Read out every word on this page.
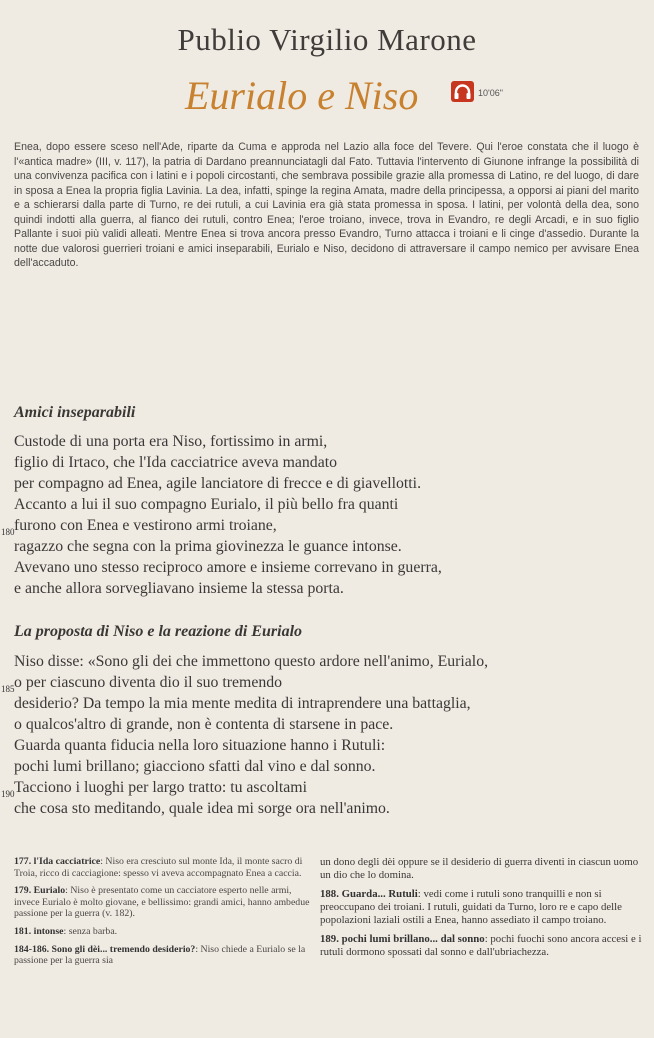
Publio Virgilio Marone
Eurialo e Niso	10'06"

Enea, dopo essere sceso nell'Ade, riparte da Cuma e approda nel Lazio alla foce del Tevere. Qui l'eroe constata che il luogo è l'«antica madre» (III, v. 117), la patria di Dardano preannunciatagli dal Fato. Tuttavia l'intervento di Giunone infrange la possibilità di una convivenza pacifica con i latini e i popoli circostanti, che sembrava possibile grazie alla promessa di Latino, re del luogo, di dare in sposa a Enea la propria figlia Lavinia. La dea, infatti, spinge la regina Amata, madre della principessa, a opporsi ai piani del marito e a schierarsi dalla parte di Turno, re dei rutuli, a cui Lavinia era già stata promessa in sposa. I latini, per volontà della dea, sono quindi indotti alla guerra, al fianco dei rutuli, contro Enea; l'eroe troiano, invece, trova in Evandro, re degli Arcadi, e in suo figlio Pallante i suoi più validi alleati. Mentre Enea si trova ancora presso Evandro, Turno attacca i troiani e li cinge d'assedio. Durante la notte due valorosi guerrieri troiani e amici inseparabili, Eurialo e Niso, decidono di attraversare il campo nemico per avvisare Enea dell'accaduto.

Amici inseparabili
Custode di una porta era Niso, fortissimo in armi,
figlio di Irtaco, che l'Ida cacciatrice aveva mandato
per compagno ad Enea, agile lanciatore di frecce e di giavellotti.
Accanto a lui il suo compagno Eurialo, il più bello fra quanti
furono con Enea e vestirono armi troiane,
ragazzo che segna con la prima giovinezza le guance intonse.
Avevano uno stesso reciproco amore e insieme correvano in guerra,
e anche allora sorvegliavano insieme la stessa porta.
180
La proposta di Niso e la reazione di Eurialo
Niso disse: «Sono gli dei che immettono questo ardore nell'animo, Eurialo,
o per ciascuno diventa dio il suo tremendo
desiderio? Da tempo la mia mente medita di intraprendere una battaglia,
o qualcos'altro di grande, non è contenta di starsene in pace.
Guarda quanta fiducia nella loro situazione hanno i Rutuli:
pochi lumi brillano; giacciono sfatti dal vino e dal sonno.
Tacciono i luoghi per largo tratto: tu ascoltami
che cosa sto meditando, quale idea mi sorge ora nell'animo.
185
190
177. l'Ida cacciatrice: Niso era cresciuto sul monte Ida, il monte sacro di Troia, ricco di cacciagione: spesso vi aveva accompagnato Enea a caccia.
179. Eurialo: Niso è presentato come un cacciatore esperto nelle armi, invece Eurialo è molto giovane, e bellissimo: grandi amici, hanno ambedue passione per la guerra (v. 182).
181. intonse: senza barba.
184-186. Sono gli dèi... tremendo desiderio?: Niso chiede a Eurialo se la passione per la guerra sia
un dono degli dèi oppure se il desiderio di guerra diventi in ciascun uomo un dio che lo domina.
188. Guarda... Rutuli: vedi come i rutuli sono tranquilli e non si preoccupano dei troiani. I rutuli, guidati da Turno, loro re e capo delle popolazioni laziali ostili a Enea, hanno assediato il campo troiano.
189. pochi lumi brillano... dal sonno: pochi fuochi sono ancora accesi e i rutuli dormono spossati dal sonno e dall'ubriachezza.
